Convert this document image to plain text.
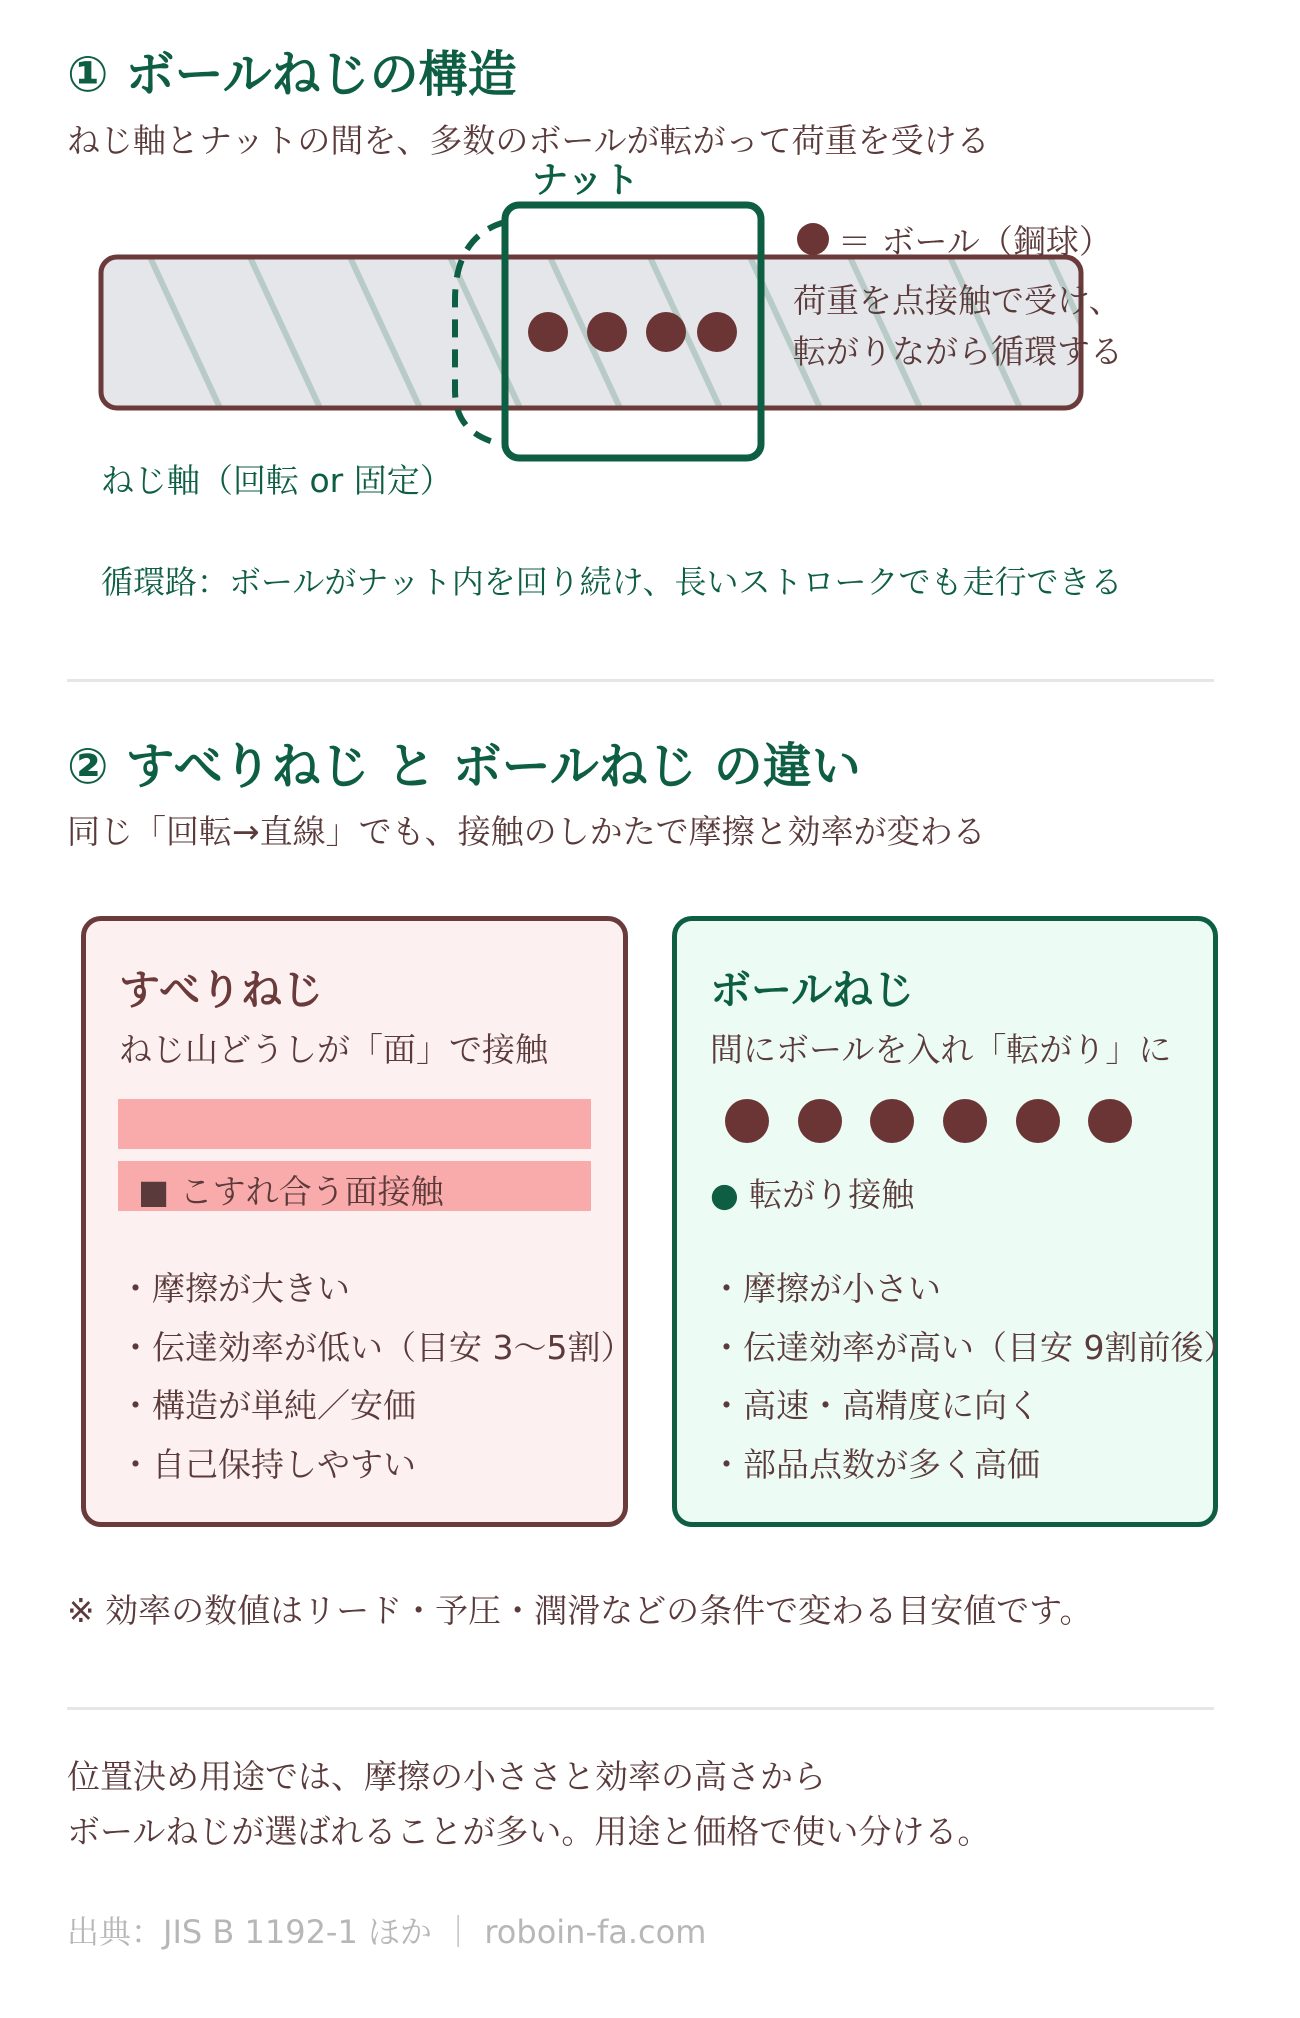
① ボールねじの構造
ねじ軸とナットの間を、多数のボールが転がって荷重を受ける
ナット
＝ ボール（鋼球）
荷重を点接触で受け、
転がりながら循環する
ねじ軸（回転 or 固定）
循環路：ボールがナット内を回り続け、長いストロークでも走行できる
② すべりねじ と ボールねじ の違い
同じ「回転→直線」でも、接触のしかたで摩擦と効率が変わる
すべりねじ
ねじ山どうしが「面」で接触
■ こすれ合う面接触
・摩擦が大きい
・伝達効率が低い（目安 3〜5割）
・構造が単純／安価
・自己保持しやすい
ボールねじ
間にボールを入れ「転がり」に
● 転がり接触
・摩擦が小さい
・伝達効率が高い（目安 9割前後）
・高速・高精度に向く
・部品点数が多く高価
※ 効率の数値はリード・予圧・潤滑などの条件で変わる目安値です。
位置決め用途では、摩擦の小ささと効率の高さから
ボールねじが選ばれることが多い。用途と価格で使い分ける。
出典：JIS B 1192-1 ほか ｜ roboin-fa.com
